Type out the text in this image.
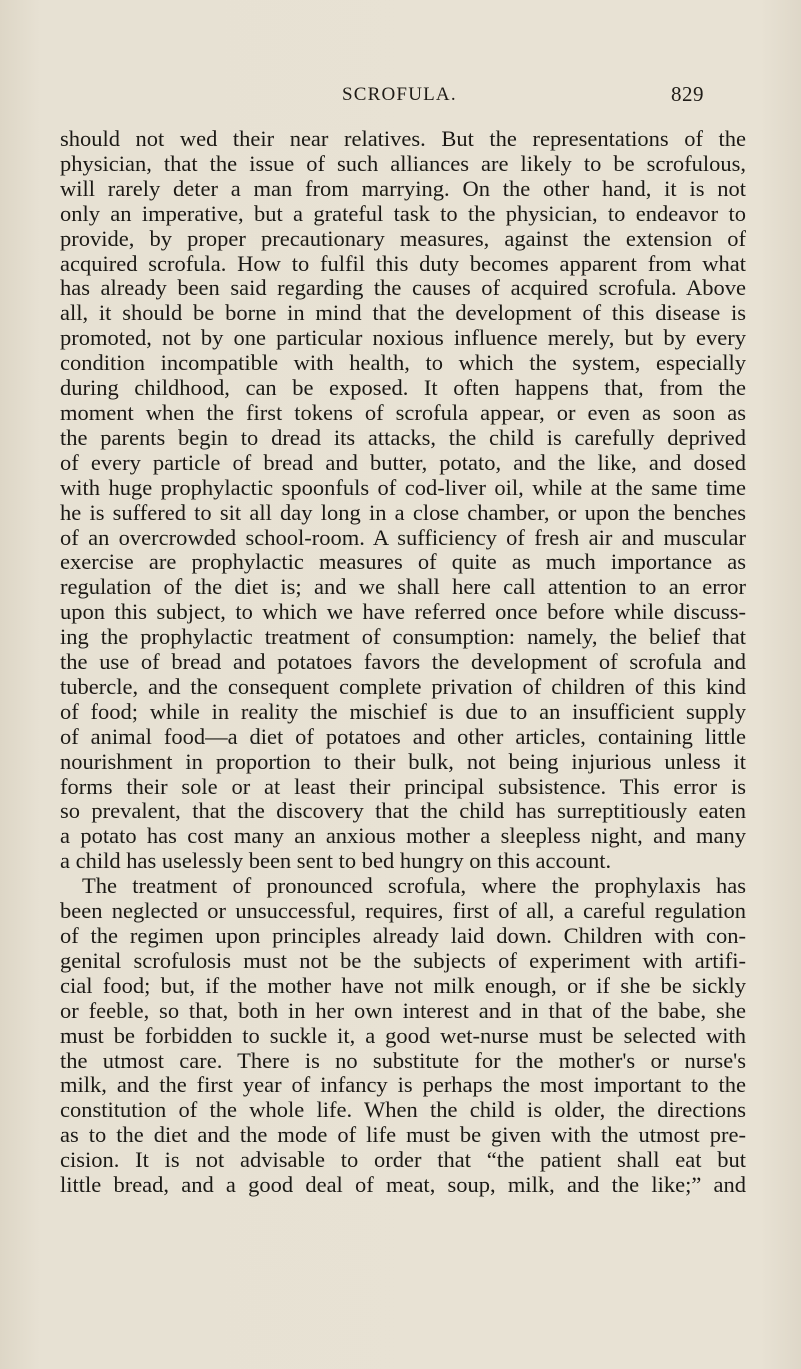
SCROFULA.	829
should not wed their near relatives. But the representations of the
physician, that the issue of such alliances are likely to be scrofulous,
will rarely deter a man from marrying. On the other hand, it is not
only an imperative, but a grateful task to the physician, to endeavor to
provide, by proper precautionary measures, against the extension of
acquired scrofula. How to fulfil this duty becomes apparent from what
has already been said regarding the causes of acquired scrofula. Above
all, it should be borne in mind that the development of this disease is
promoted, not by one particular noxious influence merely, but by every
condition incompatible with health, to which the system, especially
during childhood, can be exposed. It often happens that, from the
moment when the first tokens of scrofula appear, or even as soon as
the parents begin to dread its attacks, the child is carefully deprived
of every particle of bread and butter, potato, and the like, and dosed
with huge prophylactic spoonfuls of cod-liver oil, while at the same time
he is suffered to sit all day long in a close chamber, or upon the benches
of an overcrowded school-room. A sufficiency of fresh air and muscular
exercise are prophylactic measures of quite as much importance as
regulation of the diet is; and we shall here call attention to an error
upon this subject, to which we have referred once before while discuss-
ing the prophylactic treatment of consumption: namely, the belief that
the use of bread and potatoes favors the development of scrofula and
tubercle, and the consequent complete privation of children of this kind
of food; while in reality the mischief is due to an insufficient supply
of animal food—a diet of potatoes and other articles, containing little
nourishment in proportion to their bulk, not being injurious unless it
forms their sole or at least their principal subsistence. This error is
so prevalent, that the discovery that the child has surreptitiously eaten
a potato has cost many an anxious mother a sleepless night, and many
a child has uselessly been sent to bed hungry on this account.
The treatment of pronounced scrofula, where the prophylaxis has
been neglected or unsuccessful, requires, first of all, a careful regulation
of the regimen upon principles already laid down. Children with con-
genital scrofulosis must not be the subjects of experiment with artifi-
cial food; but, if the mother have not milk enough, or if she be sickly
or feeble, so that, both in her own interest and in that of the babe, she
must be forbidden to suckle it, a good wet-nurse must be selected with
the utmost care. There is no substitute for the mother's or nurse's
milk, and the first year of infancy is perhaps the most important to the
constitution of the whole life. When the child is older, the directions
as to the diet and the mode of life must be given with the utmost pre-
cision. It is not advisable to order that “the patient shall eat but
little bread, and a good deal of meat, soup, milk, and the like;” and
